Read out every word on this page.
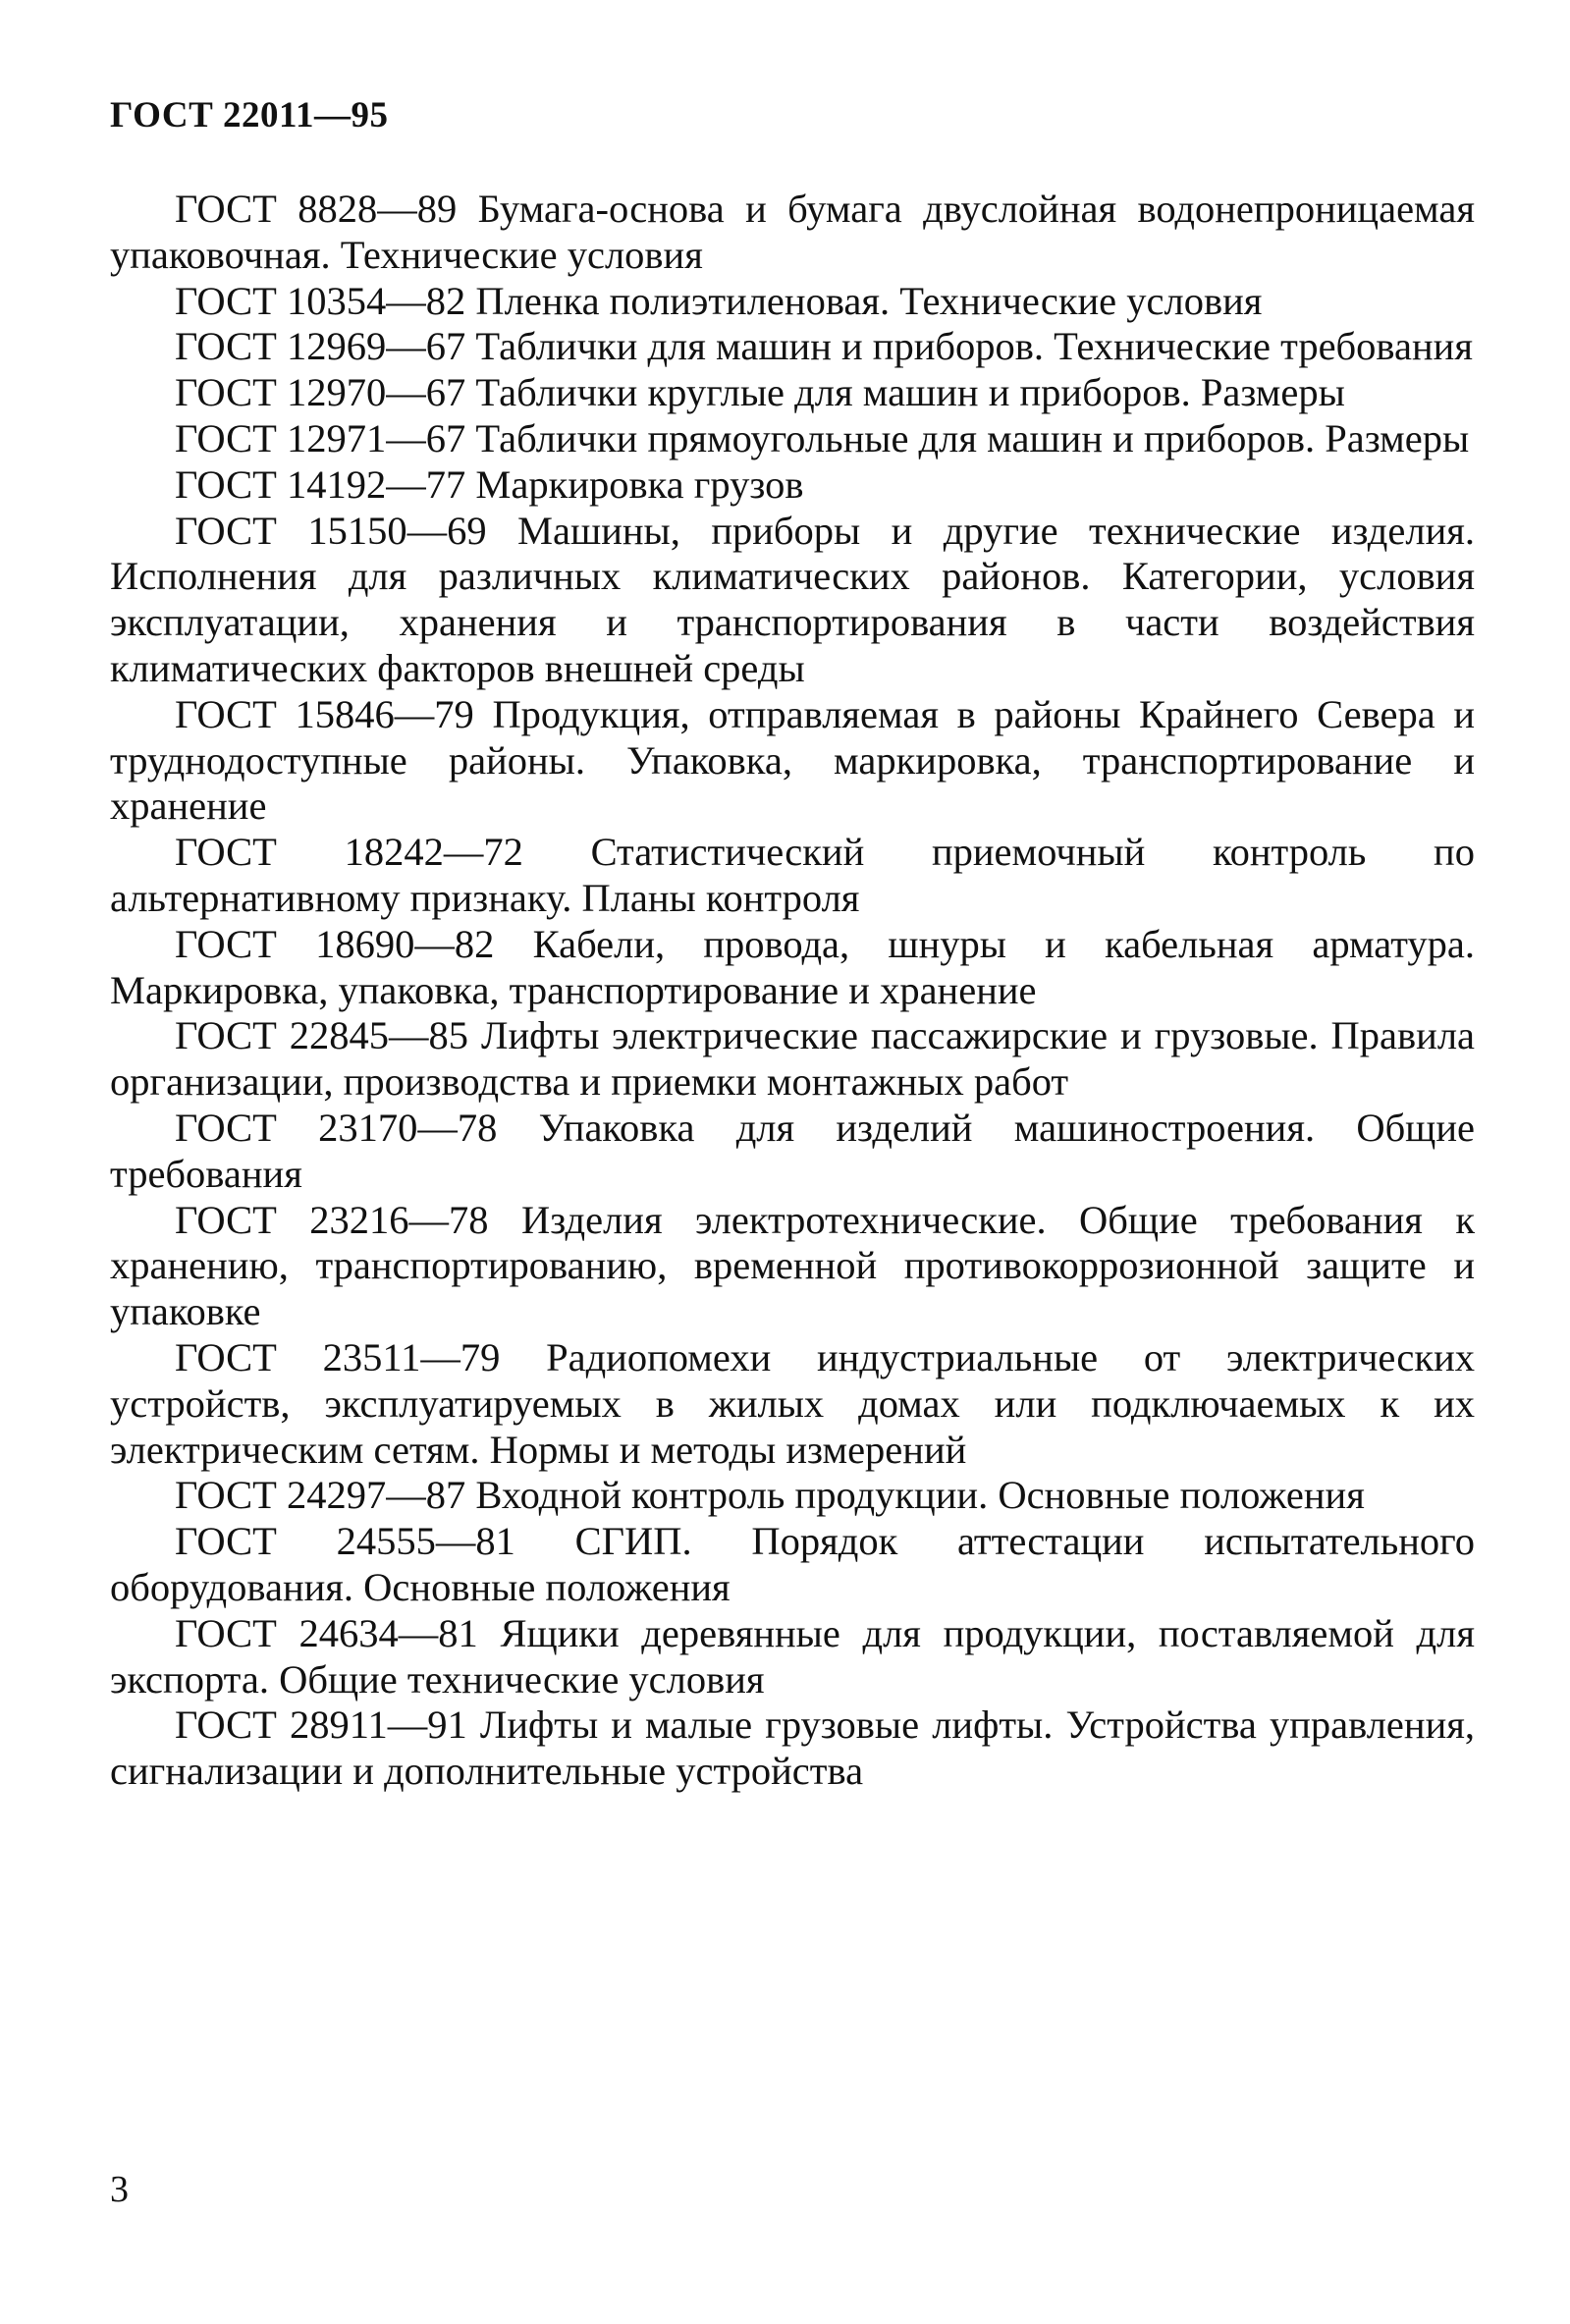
ГОСТ 22011—95

ГОСТ 8828—89 Бумага-основа и бумага двуслойная водонепроницаемая упаковочная. Технические условия

ГОСТ 10354—82 Пленка полиэтиленовая. Технические условия

ГОСТ 12969—67 Таблички для машин и приборов. Технические требования

ГОСТ 12970—67 Таблички круглые для машин и приборов. Размеры

ГОСТ 12971—67 Таблички прямоугольные для машин и приборов. Размеры

ГОСТ 14192—77 Маркировка грузов

ГОСТ 15150—69 Машины, приборы и другие технические изделия. Исполнения для различных климатических районов. Категории, условия эксплуатации, хранения и транспортирования в части воздействия климатических факторов внешней среды

ГОСТ 15846—79 Продукция, отправляемая в районы Крайнего Севера и труднодоступные районы. Упаковка, маркировка, транспортирование и хранение

ГОСТ 18242—72 Статистический приемочный контроль по альтернативному признаку. Планы контроля

ГОСТ 18690—82 Кабели, провода, шнуры и кабельная арматура. Маркировка, упаковка, транспортирование и хранение

ГОСТ 22845—85 Лифты электрические пассажирские и грузовые. Правила организации, производства и приемки монтажных работ

ГОСТ 23170—78 Упаковка для изделий машиностроения. Общие требования

ГОСТ 23216—78 Изделия электротехнические. Общие требования к хранению, транспортированию, временной противокоррозионной защите и упаковке

ГОСТ 23511—79 Радиопомехи индустриальные от электрических устройств, эксплуатируемых в жилых домах или подключаемых к их электрическим сетям. Нормы и методы измерений

ГОСТ 24297—87 Входной контроль продукции. Основные положения

ГОСТ 24555—81 СГИП. Порядок аттестации испытательного оборудования. Основные положения

ГОСТ 24634—81 Ящики деревянные для продукции, поставляемой для экспорта. Общие технические условия

ГОСТ 28911—91 Лифты и малые грузовые лифты. Устройства управления, сигнализации и дополнительные устройства

3
